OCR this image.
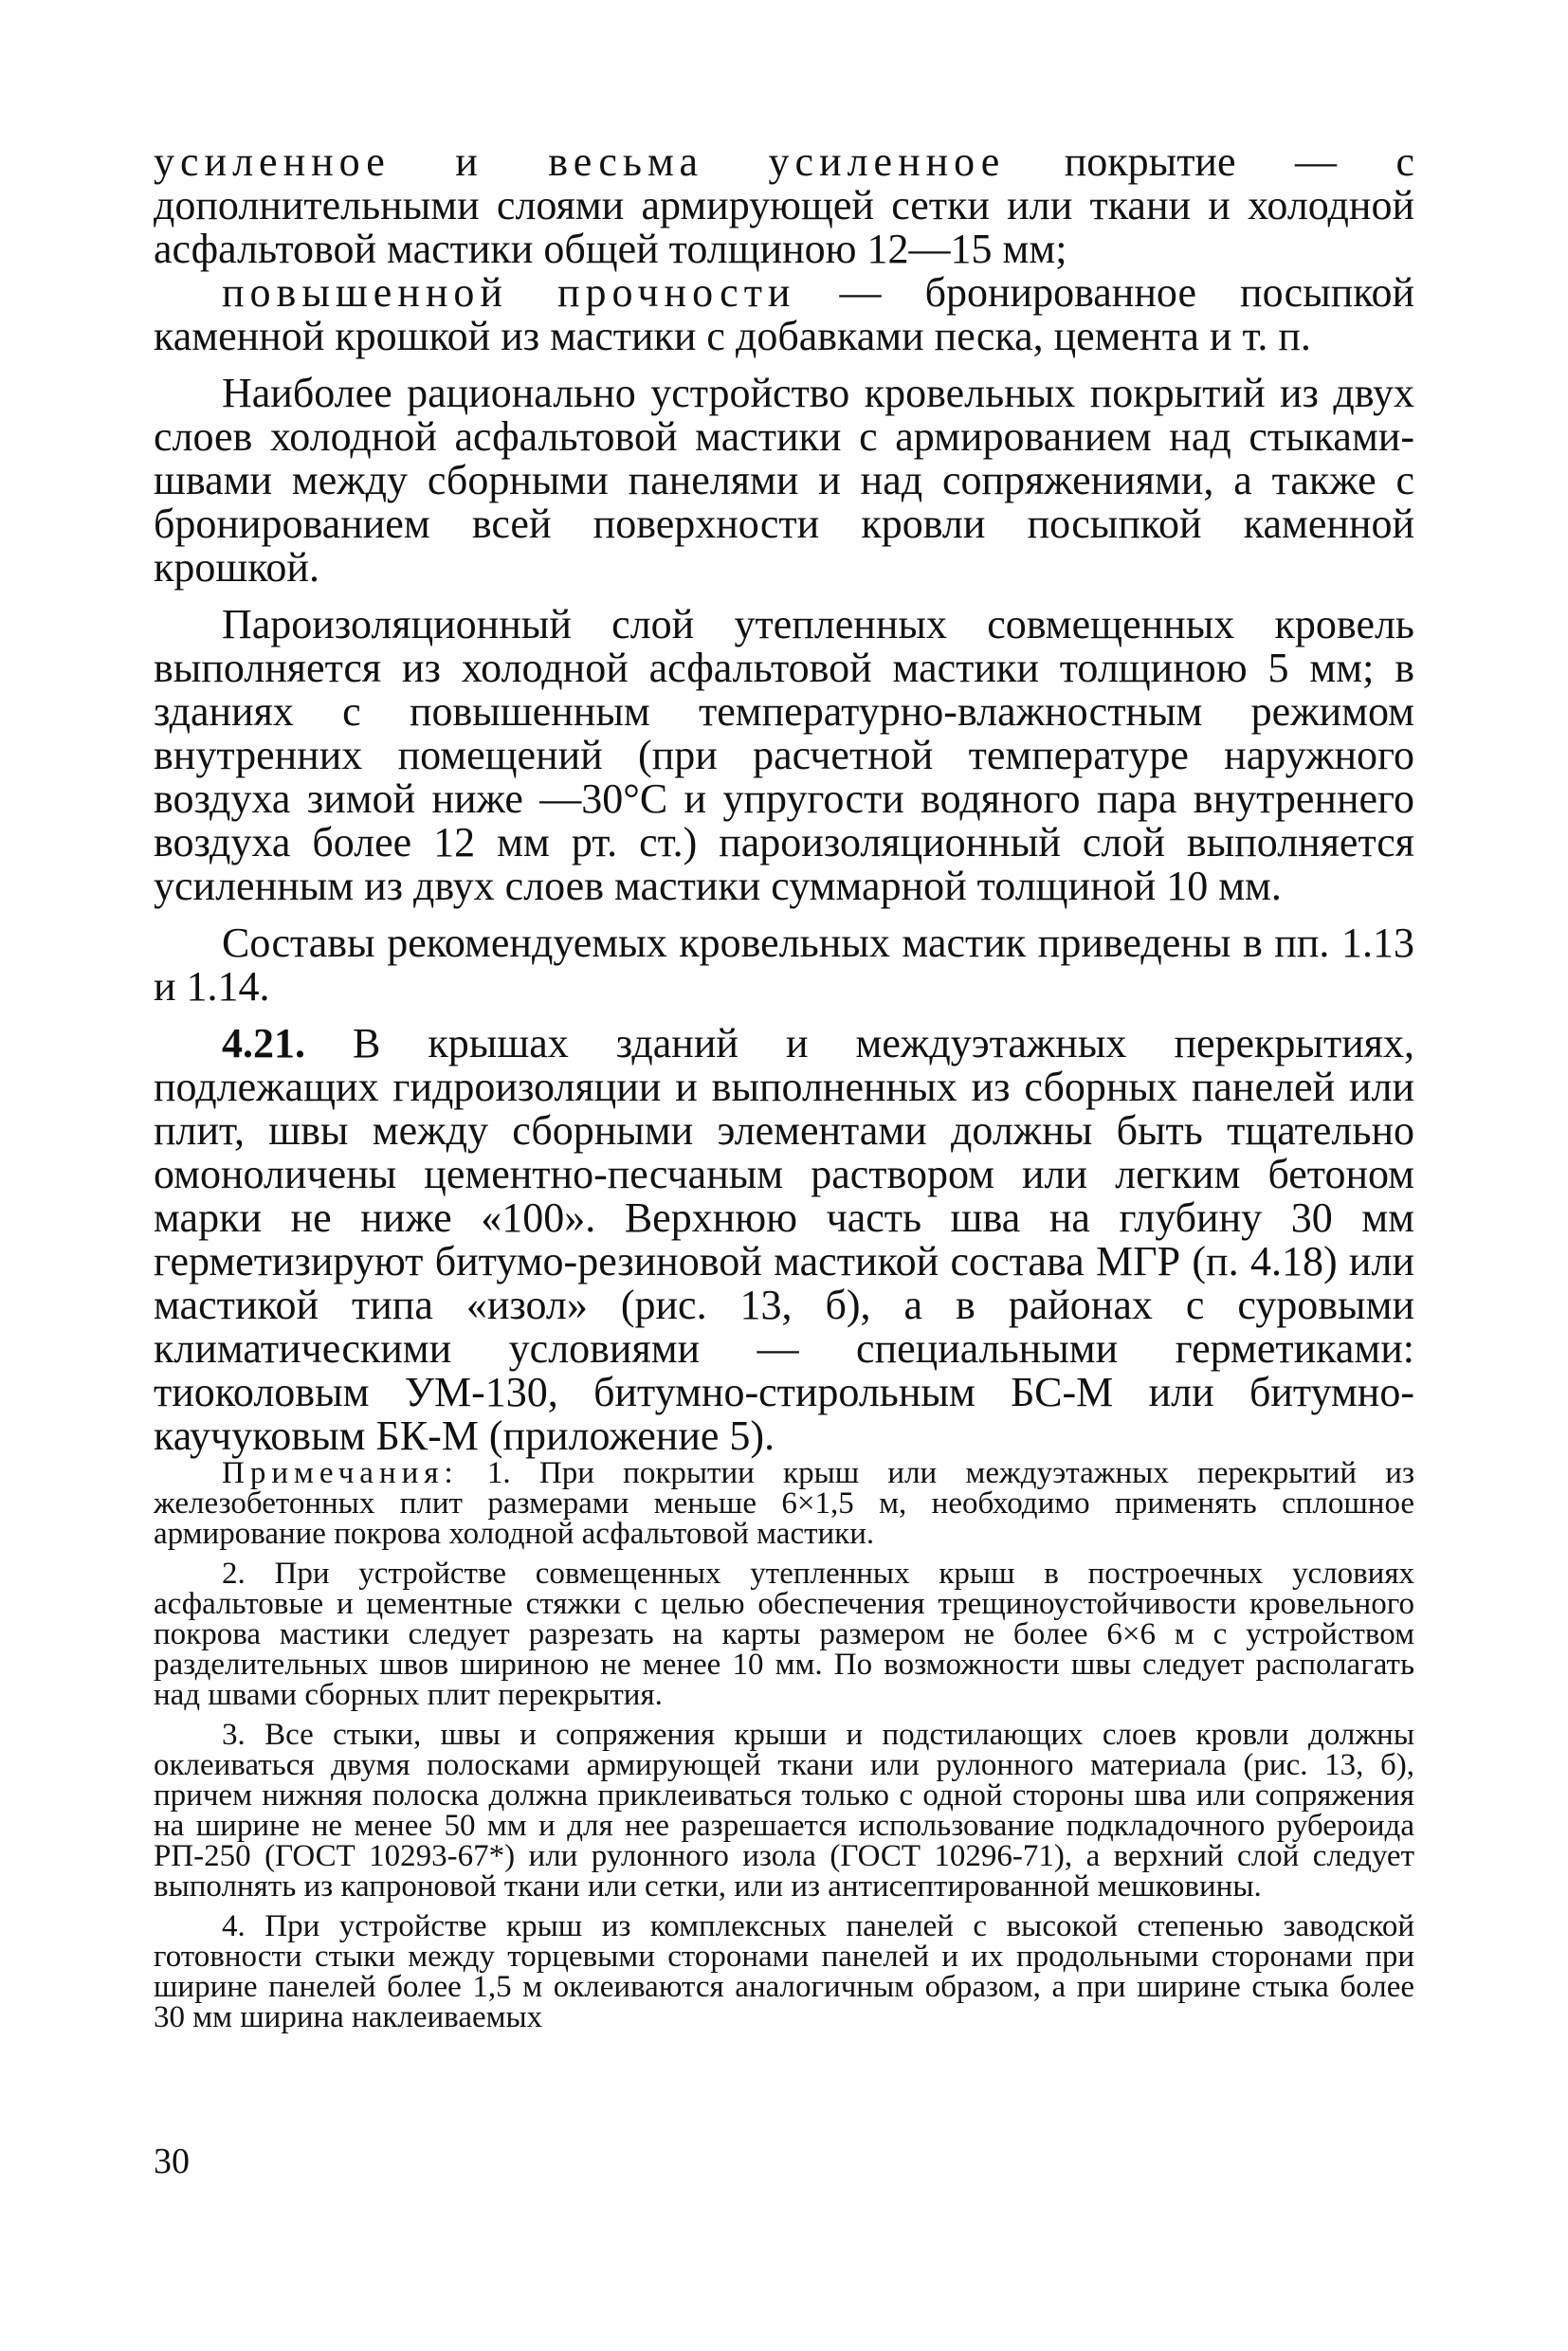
усиленное и весьма усиленное покрытие — с дополнительными слоями армирующей сетки или ткани и холодной асфальтовой мастики общей толщиною 12—15 мм;

повышенной прочности — бронированное посыпкой каменной крошкой из мастики с добавками песка, цемента и т. п.

Наиболее рационально устройство кровельных покрытий из двух слоев холодной асфальтовой мастики с армированием над стыками-швами между сборными панелями и над сопряжениями, а также с бронированием всей поверхности кровли посыпкой каменной крошкой.

Пароизоляционный слой утепленных совмещенных кровель выполняется из холодной асфальтовой мастики толщиною 5 мм; в зданиях с повышенным температурно-влажностным режимом внутренних помещений (при расчетной температуре наружного воздуха зимой ниже —30°С и упругости водяного пара внутреннего воздуха более 12 мм рт. ст.) пароизоляционный слой выполняется усиленным из двух слоев мастики суммарной толщиной 10 мм.

Составы рекомендуемых кровельных мастик приведены в пп. 1.13 и 1.14.

4.21. В крышах зданий и междуэтажных перекрытиях, подлежащих гидроизоляции и выполненных из сборных панелей или плит, швы между сборными элементами должны быть тщательно омоноличены цементно-песчаным раствором или легким бетоном марки не ниже «100». Верхнюю часть шва на глубину 30 мм герметизируют битумо-резиновой мастикой состава МГР (п. 4.18) или мастикой типа «изол» (рис. 13, б), а в районах с суровыми климатическими условиями — специальными герметиками: тиоколовым УМ-130, битумно-стирольным БС-М или битумно-каучуковым БК-М (приложение 5).

Примечания: 1. При покрытии крыш или междуэтажных перекрытий из железобетонных плит размерами меньше 6×1,5 м, необходимо применять сплошное армирование покрова холодной асфальтовой мастики.

2. При устройстве совмещенных утепленных крыш в построечных условиях асфальтовые и цементные стяжки с целью обеспечения трещиноустойчивости кровельного покрова мастики следует разрезать на карты размером не более 6×6 м с устройством разделительных швов шириною не менее 10 мм. По возможности швы следует располагать над швами сборных плит перекрытия.

3. Все стыки, швы и сопряжения крыши и подстилающих слоев кровли должны оклеиваться двумя полосками армирующей ткани или рулонного материала (рис. 13, б), причем нижняя полоска должна приклеиваться только с одной стороны шва или сопряжения на ширине не менее 50 мм и для нее разрешается использование подкладочного рубероида РП-250 (ГОСТ 10293-67*) или рулонного изола (ГОСТ 10296-71), а верхний слой следует выполнять из капроновой ткани или сетки, или из антисептированной мешковины.

4. При устройстве крыш из комплексных панелей с высокой степенью заводской готовности стыки между торцевыми сторонами панелей и их продольными сторонами при ширине панелей более 1,5 м оклеиваются аналогичным образом, а при ширине стыка более 30 мм ширина наклеиваемых

30
